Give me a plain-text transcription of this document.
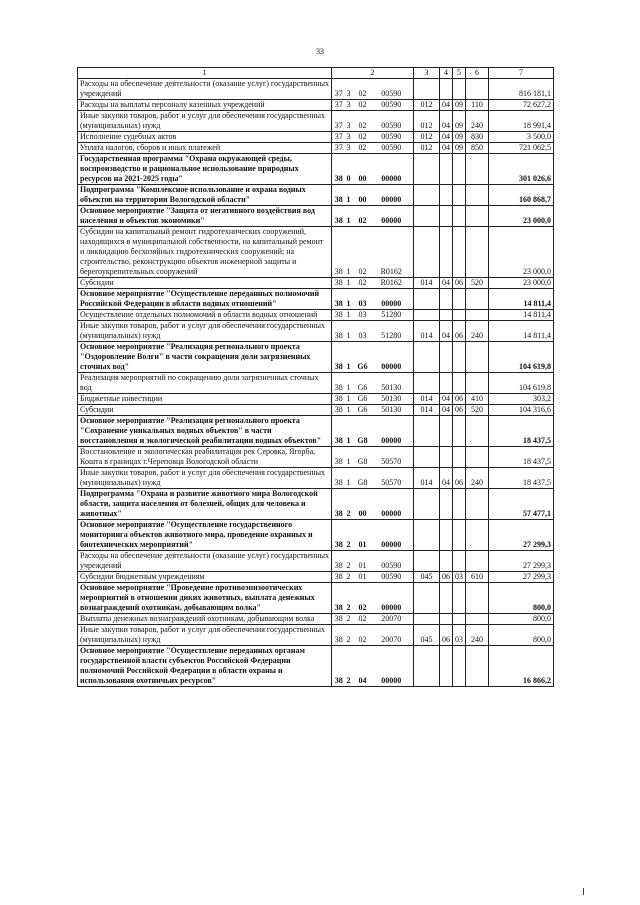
33
1	2				3	4	5	6	7
Расходы на обеспечение деятельности (оказание услуг) государственных учреждений	37	3	02	00590					816 181,1
Расходы на выплаты персоналу казенных учреждений	37	3	02	00590	012	04	09	110	72 627,2
Иные закупки товаров, работ и услуг для обеспечения государственных (муниципальных) нужд	37	3	02	00590	012	04	09	240	18 991,4
Исполнение судебных актов	37	3	02	00590	012	04	09	830	3 500,0
Уплата налогов, сборов и иных платежей	37	3	02	00590	012	04	09	850	721 062,5
Государственная программа "Охрана окружающей среды, воспроизводство и рациональное использование природных ресурсов на 2021-2025 годы"	38	0	00	00000					301 026,6
Подпрограмма "Комплексное использование и охрана водных объектов на территории Вологодской области"	38	1	00	00000					160 868,7
Основное мероприятие "Защита от негативного воздействия вод населения и объектов экономики"	38	1	02	00000					23 000,0
Субсидии на капитальный ремонт гидротехнических сооружений, находящихся в муниципальной собственности, на капитальный ремонт и ликвидацию бесхозяйных гидротехнических сооружений; на строительство, реконструкцию объектов инженерной защиты и берегоукрепительных сооружений	38	1	02	R0162					23 000,0
Субсидии	38	1	02	R0162	014	04	06	520	23 000,0
Основное мероприятие "Осуществление переданных полномочий Российской Федерации в области водных отношений"	38	1	03	00000					14 811,4
Осуществление отдельных полномочий в области водных отношений	38	1	03	51280					14 811,4
Иные закупки товаров, работ и услуг для обеспечения государственных (муниципальных) нужд	38	1	03	51280	014	04	06	240	14 811,4
Основное мероприятие "Реализация регионального проекта "Оздоровление Волги" в части сокращения доли загрязненных сточных вод"	38	1	G6	00000					104 619,8
Реализация мероприятий по сокращению доли загрязненных сточных вод	38	1	G6	50130					104 619,8
Бюджетные инвестиции	38	1	G6	50130	014	04	06	410	303,2
Субсидии	38	1	G6	50130	014	04	06	520	104 316,6
Основное мероприятие "Реализация регионального проекта "Сохранение уникальных водных объектов" в части восстановления и экологической реабилитации водных объектов"	38	1	G8	00000					18 437,5
Восстановление и экологическая реабилитация рек Серовка, Ягорба, Кошта в границах г.Череповца Вологодской области	38	1	G8	50570					18 437,5
Иные закупки товаров, работ и услуг для обеспечения государственных (муниципальных) нужд	38	1	G8	50570	014	04	06	240	18 437,5
Подпрограмма "Охрана и развитие животного мира Вологодской области, защита населения от болезней, общих для человека и животных"	38	2	00	00000					57 477,1
Основное мероприятие "Осуществление государственного мониторинга объектов животного мира, проведение охранных и биотехнических мероприятий"	38	2	01	00000					27 299,3
Расходы на обеспечение деятельности (оказание услуг) государственных учреждений	38	2	01	00590					27 299,3
Субсидии бюджетным учреждениям	38	2	01	00590	045	06	03	610	27 299,3
Основное мероприятие "Проведение противоэпизоотических мероприятий в отношении диких животных, выплата денежных вознаграждений охотникам, добывающим волка"	38	2	02	00000					800,0
Выплаты денежных вознаграждений охотникам, добывающим волка	38	2	02	20070					800,0
Иные закупки товаров, работ и услуг для обеспечения государственных (муниципальных) нужд	38	2	02	20070	045	06	03	240	800,0
Основное мероприятие "Осуществление переданных органам государственной власти субъектов Российской Федерации полномочий Российской Федерации в области охраны и использования охотничьих ресурсов"	38	2	04	00000					16 866,2
